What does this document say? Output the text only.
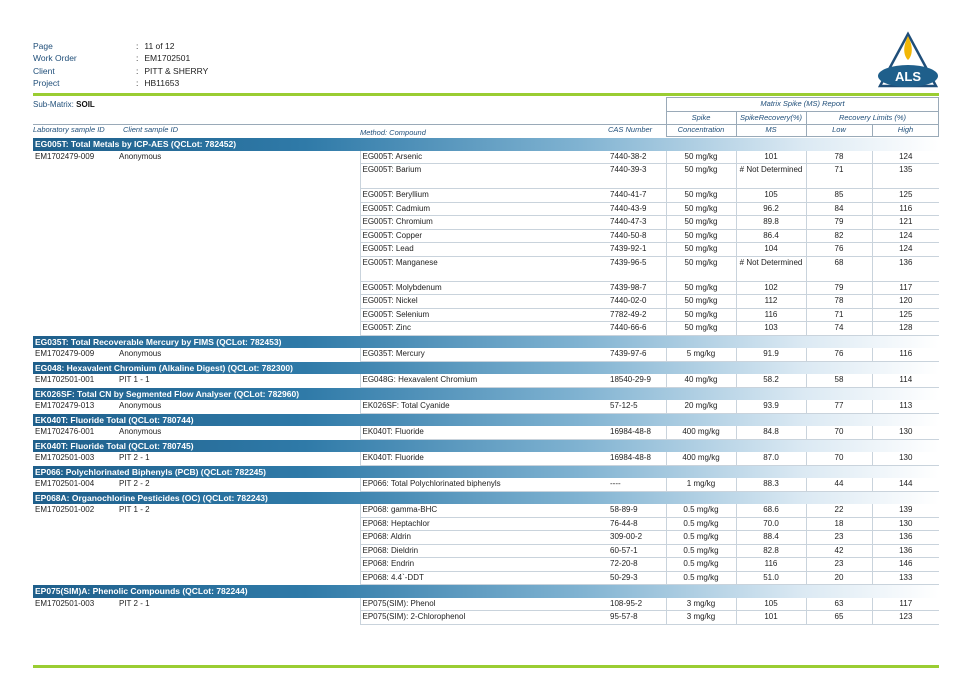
Page	: 11 of 12
Work Order	: EM1702501
Client	: PITT & SHERRY
Project	: HB11653	ALS
Sub-Matrix: SOIL	Matrix Spike (MS) Report
Spike	SpikeRecovery(%)	Recovery Limits (%)
Laboratory sample ID Client sample ID	Method: Compound	CAS Number	Concentration	MS	Low	High
EG005T: Total Metals by ICP-AES (QCLot: 782452)							
EM1702479-009	Anonymous	EG005T: Arsenic	7440-38-2	50 mg/kg	101	78	124
		EG005T: Barium	7440-39-3	50 mg/kg	# Not Determined	71	135
		EG005T: Beryllium	7440-41-7	50 mg/kg	105	85	125
		EG005T: Cadmium	7440-43-9	50 mg/kg	96.2	84	116
		EG005T: Chromium	7440-47-3	50 mg/kg	89.8	79	121
		EG005T: Copper	7440-50-8	50 mg/kg	86.4	82	124
		EG005T: Lead	7439-92-1	50 mg/kg	104	76	124
		EG005T: Manganese	7439-96-5	50 mg/kg	# Not Determined	68	136
		EG005T: Molybdenum	7439-98-7	50 mg/kg	102	79	117
		EG005T: Nickel	7440-02-0	50 mg/kg	112	78	120
		EG005T: Selenium	7782-49-2	50 mg/kg	116	71	125
		EG005T: Zinc	7440-66-6	50 mg/kg	103	74	128
EG035T: Total Recoverable Mercury by FIMS (QCLot: 782453)							
EM1702479-009	Anonymous	EG035T: Mercury	7439-97-6	5 mg/kg	91.9	76	116
EG048: Hexavalent Chromium (Alkaline Digest) (QCLot: 782300)							
EM1702501-001	PIT 1 - 1	EG048G: Hexavalent Chromium	18540-29-9	40 mg/kg	58.2	58	114
EK026SF: Total CN by Segmented Flow Analyser (QCLot: 782960)							
EM1702479-013	Anonymous	EK026SF: Total Cyanide	57-12-5	20 mg/kg	93.9	77	113
EK040T: Fluoride Total (QCLot: 780744)							
EM1702476-001	Anonymous	EK040T: Fluoride	16984-48-8	400 mg/kg	84.8	70	130
EK040T: Fluoride Total (QCLot: 780745)							
EM1702501-003	PIT 2 - 1	EK040T: Fluoride	16984-48-8	400 mg/kg	87.0	70	130
EP066: Polychlorinated Biphenyls (PCB) (QCLot: 782245)							
EM1702501-004	PIT 2 - 2	EP066: Total Polychlorinated biphenyls	----	1 mg/kg	88.3	44	144
EP068A: Organochlorine Pesticides (OC) (QCLot: 782243)							
EM1702501-002	PIT 1 - 2	EP068: gamma-BHC	58-89-9	0.5 mg/kg	68.6	22	139
		EP068: Heptachlor	76-44-8	0.5 mg/kg	70.0	18	130
		EP068: Aldrin	309-00-2	0.5 mg/kg	88.4	23	136
		EP068: Dieldrin	60-57-1	0.5 mg/kg	82.8	42	136
		EP068: Endrin	72-20-8	0.5 mg/kg	116	23	146
		EP068: 4.4`-DDT	50-29-3	0.5 mg/kg	51.0	20	133
EP075(SIM)A: Phenolic Compounds (QCLot: 782244)							
EM1702501-003	PIT 2 - 1	EP075(SIM): Phenol	108-95-2	3 mg/kg	105	63	117
		EP075(SIM): 2-Chlorophenol	95-57-8	3 mg/kg	101	65	123
